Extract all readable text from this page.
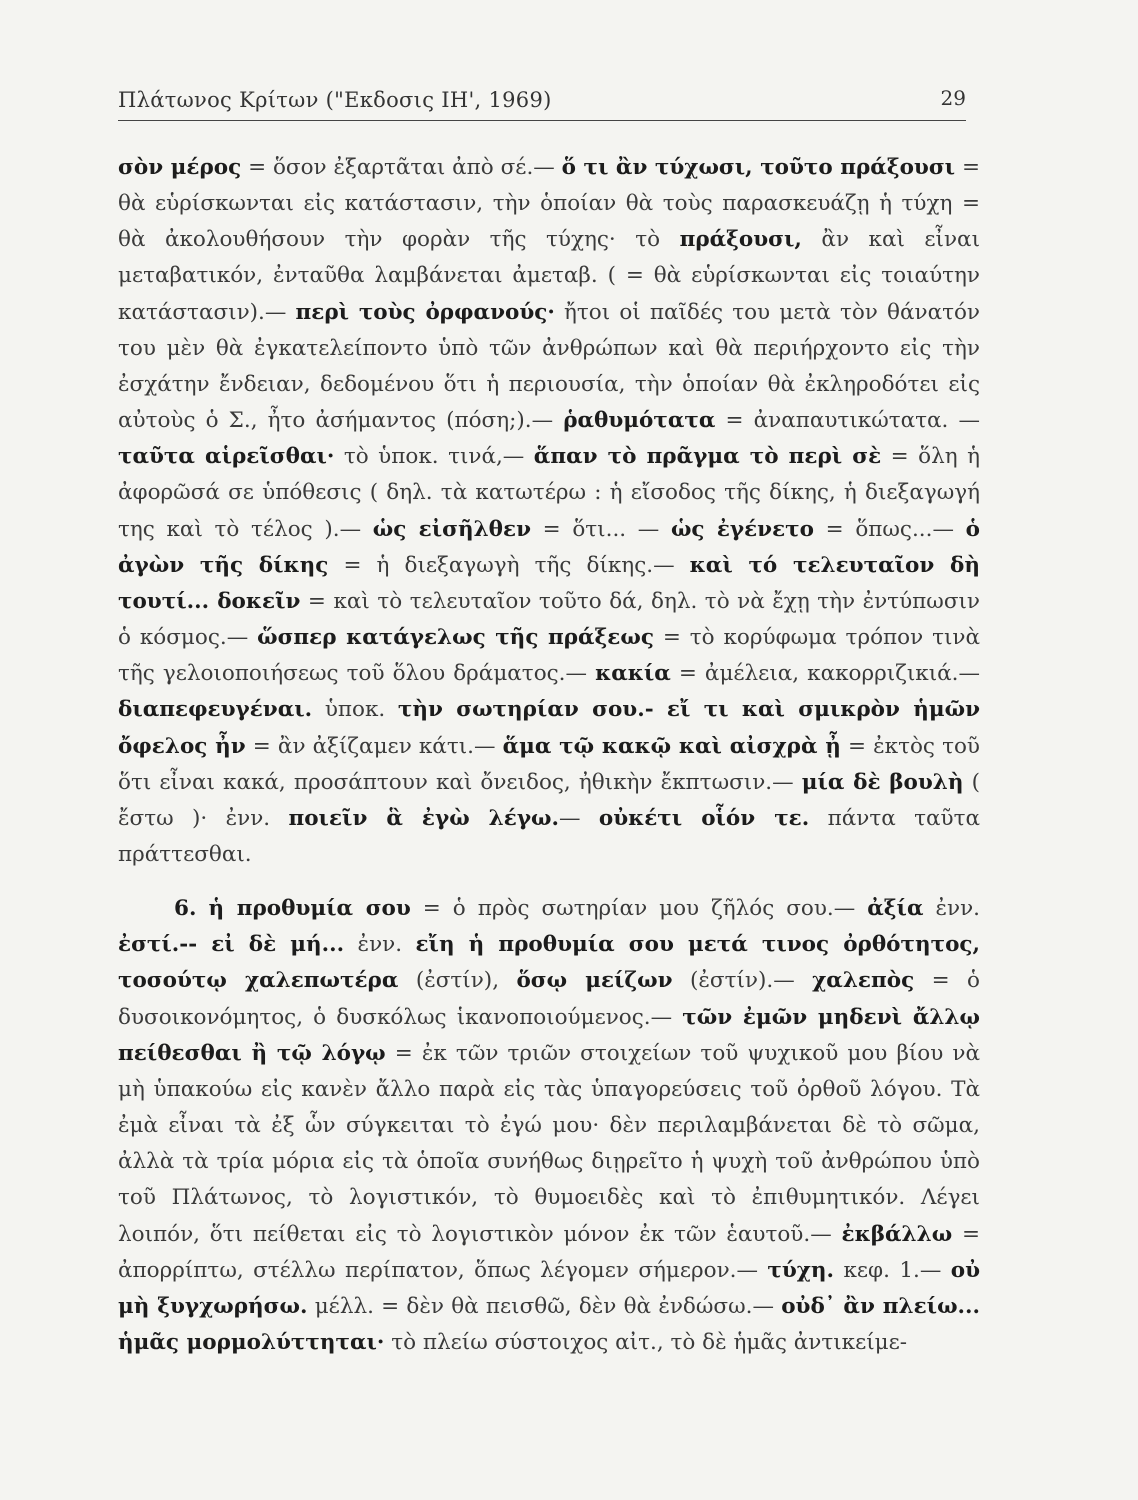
Πλάτωνος Κρίτων ("Εκδοσις ΙΗ', 1969)	29

σὸν μέρος = ὅσον ἐξαρτᾶται ἀπὸ σέ.— ὅ τι ἂν τύχωσι, τοῦτο πράξουσι = θὰ εὑρίσκωνται εἰς κατάστασιν, τὴν ὁποίαν θὰ τοὺς παρασκευάζῃ ἡ τύχη = θὰ ἀκολουθήσουν τὴν φορὰν τῆς τύχης· τὸ πράξουσι, ἂν καὶ εἶναι μεταβατικόν, ἐνταῦθα λαμβάνεται ἀμεταβ. ( = θὰ εὑρίσκωνται εἰς τοιαύτην κατάστασιν).— περὶ τοὺς ὀρφανούς· ἤτοι οἱ παῖδές του μετὰ τὸν θάνατόν του μὲν θὰ ἐγκατελείποντο ὑπὸ τῶν ἀνθρώπων καὶ θὰ περιήρχοντο εἰς τὴν ἐσχάτην ἔνδειαν, δεδομένου ὅτι ἡ περιουσία, τὴν ὁποίαν θὰ ἐκληροδότει εἰς αὐτοὺς ὁ Σ., ἦτο ἀσήμαντος (πόση;).— ῥαθυμότατα = ἀναπαυτικώτατα. — ταῦτα αἱρεῖσθαι· τὸ ὑποκ. τινά,— ἅπαν τὸ πρᾶγμα τὸ περὶ σὲ = ὅλη ἡ ἀφορῶσά σε ὑπόθεσις ( δηλ. τὰ κατωτέρω : ἡ εἴσοδος τῆς δίκης, ἡ διεξαγωγή της καὶ τὸ τέλος ).— ὡς εἰσῆλθεν = ὅτι... — ὡς ἐγένετο = ὅπως...— ὁ ἀγὼν τῆς δίκης = ἡ διεξαγωγὴ τῆς δίκης.— καὶ τό τελευταῖον δὴ τουτί... δοκεῖν = καὶ τὸ τελευταῖον τοῦτο δά, δηλ. τὸ νὰ ἔχῃ τὴν ἐντύπωσιν ὁ κόσμος.— ὥσπερ κατάγελως τῆς πράξεως = τὸ κορύφωμα τρόπον τινὰ τῆς γελοιοποιήσεως τοῦ ὅλου δράματος.— κακία = ἀμέλεια, κακορριζικιά.— διαπεφευγέναι. ὑποκ. τὴν σωτηρίαν σου.- εἴ τι καὶ σμικρὸν ἡμῶν ὄφελος ἦν = ἂν ἀξίζαμεν κάτι.— ἅμα τῷ κακῷ καὶ αἰσχρὰ ᾖ = ἐκτὸς τοῦ ὅτι εἶναι κακά, προσάπτουν καὶ ὄνειδος, ἠθικὴν ἔκπτωσιν.— μία δὲ βουλὴ ( ἔστω )· ἐνν. ποιεῖν ἃ ἐγὼ λέγω.— οὐκέτι οἷόν τε. πάντα ταῦτα πράττεσθαι.

6. ἡ προθυμία σου = ὁ πρὸς σωτηρίαν μου ζῆλός σου.— ἀξία ἐνν. ἐστί.-- εἰ δὲ μή... ἐνν. εἴη ἡ προθυμία σου μετά τινος ὀρθότητος, τοσούτῳ χαλεπωτέρα (ἐστίν), ὅσῳ μείζων (ἐστίν).— χαλεπὸς = ὁ δυσοικονόμητος, ὁ δυσκόλως ἱκανοποιούμενος.— τῶν ἐμῶν μηδενὶ ἄλλῳ πείθεσθαι ἢ τῷ λόγῳ = ἐκ τῶν τριῶν στοιχείων τοῦ ψυχικοῦ μου βίου νὰ μὴ ὑπακούω εἰς κανὲν ἄλλο παρὰ εἰς τὰς ὑπαγορεύσεις τοῦ ὀρθοῦ λόγου. Τὰ ἐμὰ εἶναι τὰ ἐξ ὧν σύγκειται τὸ ἐγώ μου· δὲν περιλαμβάνεται δὲ τὸ σῶμα, ἀλλὰ τὰ τρία μόρια εἰς τὰ ὁποῖα συνήθως διῃρεῖτο ἡ ψυχὴ τοῦ ἀνθρώπου ὑπὸ τοῦ Πλάτωνος, τὸ λογιστικόν, τὸ θυμοειδὲς καὶ τὸ ἐπιθυμητικόν. Λέγει λοιπόν, ὅτι πείθεται εἰς τὸ λογιστικὸν μόνον ἐκ τῶν ἑαυτοῦ.— ἐκβάλλω = ἀπορρίπτω, στέλλω περίπατον, ὅπως λέγομεν σήμερον.— τύχη. κεφ. 1.— οὐ μὴ ξυγχωρήσω. μέλλ. = δὲν θὰ πεισθῶ, δὲν θὰ ἐνδώσω.— οὐδ᾽ ἂν πλείω... ἡμᾶς μορμολύττηται· τὸ πλείω σύστοιχος αἰτ., τὸ δὲ ἡμᾶς ἀντικείμε-
